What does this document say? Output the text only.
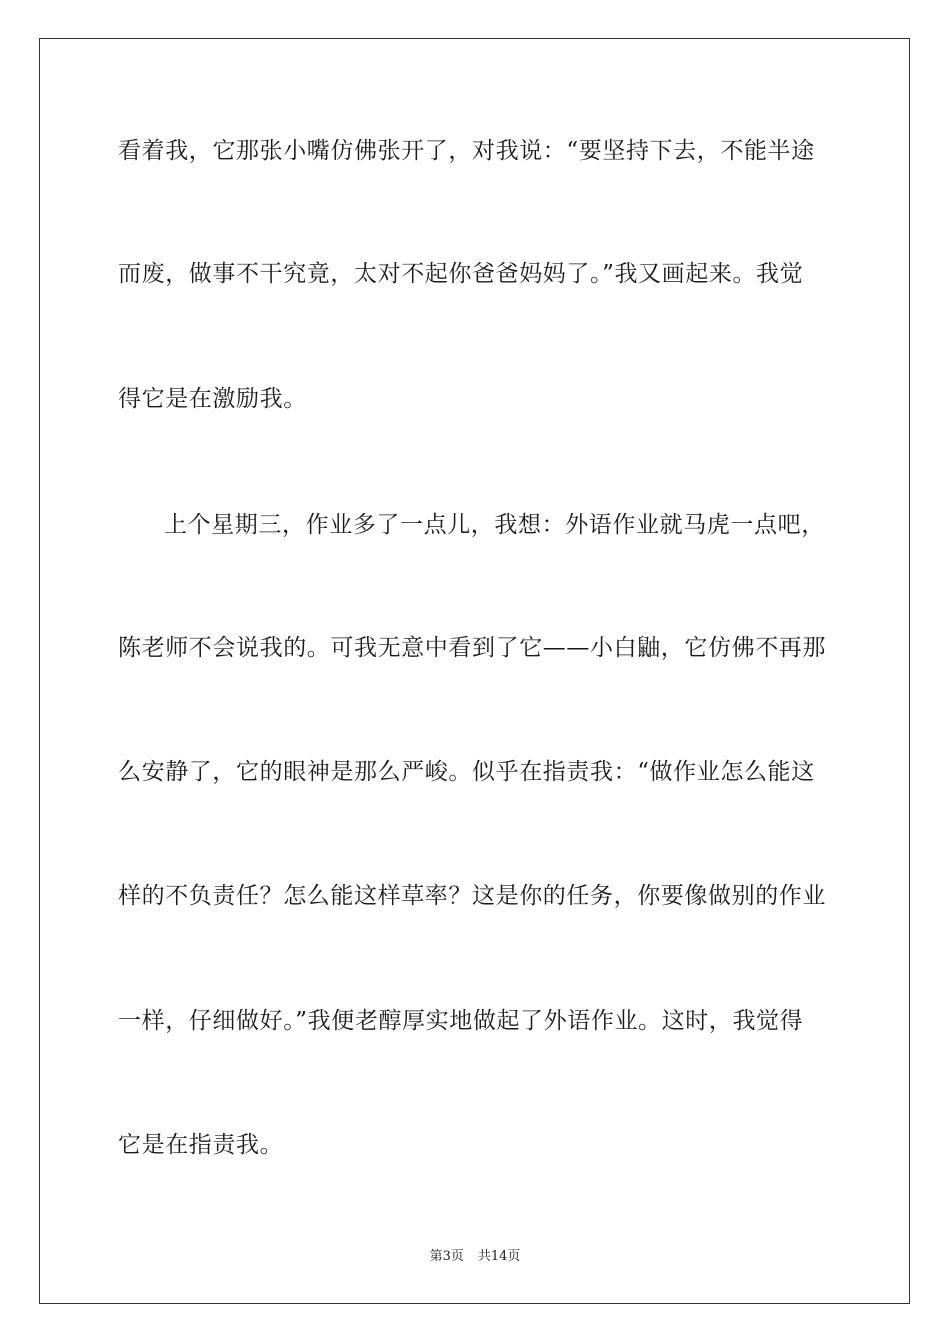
看着我，它那张小嘴仿佛张开了，对我说：“要坚持下去，不能半途
而废，做事不干究竟，太对不起你爸爸妈妈了。”我又画起来。我觉
得它是在激励我。
上个星期三，作业多了一点儿，我想：外语作业就马虎一点吧，
陈老师不会说我的。可我无意中看到了它——小白鼬，它仿佛不再那
么安静了，它的眼神是那么严峻。似乎在指责我：“做作业怎么能这
样的不负责任？怎么能这样草率？这是你的任务，你要像做别的作业
一样，仔细做好。”我便老醇厚实地做起了外语作业。这时，我觉得
它是在指责我。
第3页 共14页
